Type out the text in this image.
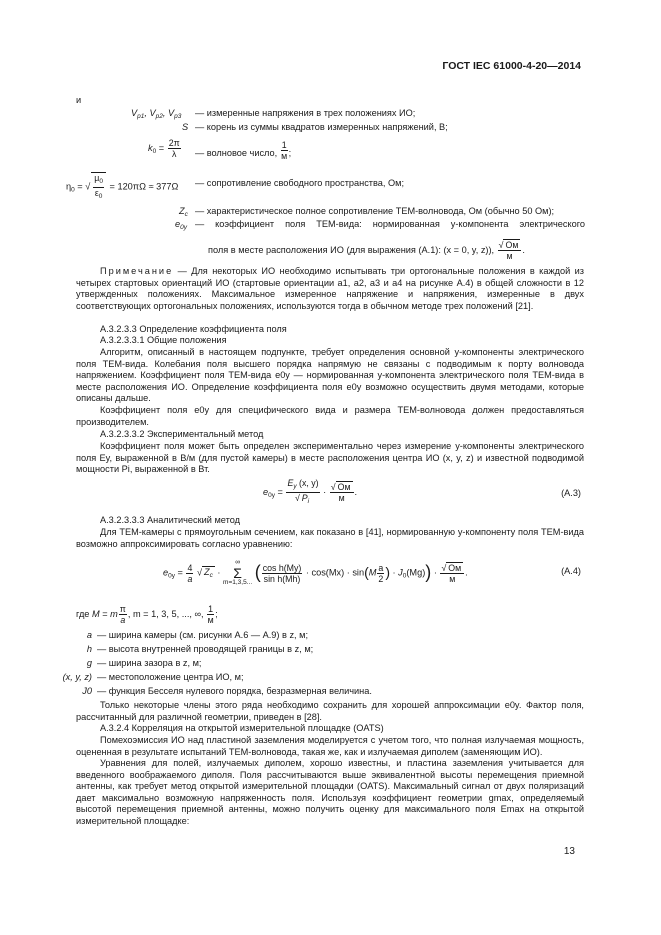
ГОСТ IEC 61000-4-20—2014
и
$V_{p1}$, $V_{p2}$, $V_{p3}$ — измеренные напряжения в трех положениях ИО;
S — корень из суммы квадратов измеренных напряжений, В;
$k_0 = \frac{2\pi}{\lambda}$ — волновое число, $\frac{1}{м}$ ;
$\eta_0$ = √ $\frac{\mu_0}{\varepsilon_0} = 120\pi\Omega \approx 377\Omega$ — сопротивление свободного пространства, Ом;
$Z_c$ — характеристическое полное сопротивление ТЕМ-волновода, Ом (обычно 50 Ом);
$e_{0y}$ — коэффициент поля ТЕМ-вида: нормированная y-компонента электрического
поля в месте расположения ИО (для выражения (А.1): (x = 0, y, z)), $\frac{√ Ом}{м}$ .
Примечание — Для некоторых ИО необходимо испытывать три ортогональные положения в каждой из четырех стартовых ориентаций ИО (стартовые ориентации а1, а2, а3 и а4 на рисунке А.4) в общей сложности в 12 утвержденных положениях. Максимальное измеренное напряжение и напряжения, измеренные в двух соответствующих ортогональных положениях, используются тогда в обычном методе трех положений [21].
А.3.2.3.3 Определение коэффициента поля
А.3.2.3.3.1 Общие положения
Алгоритм, описанный в настоящем подпункте, требует определения основной y-компоненты электрического поля ТЕМ-вида. Колебания поля высшего порядка напрямую не связаны с подводимым к порту волновода напряжением. Коэффициент поля ТЕМ-вида e0y — нормированная y-компонента электрического поля ТЕМ-вида в месте расположения ИО. Определение коэффициента поля e0y возможно осуществить двумя методами, которые описаны дальше.
Коэффициент поля e0y для специфического вида и размера ТЕМ-волновода должен предоставляться производителем.
А.3.2.3.3.2 Экспериментальный метод
Коэффициент поля может быть определен экспериментально через измерение y-компоненты электрического поля Ey, выраженной в В/м (для пустой камеры) в месте расположения центра ИО (x, y, z) и известной подводимой мощности Pi, выраженной в Вт.
$e_{0y} = \frac{E_y (x, y)}{√ P_i} \cdot \frac{√ Ом}{м}$ .	(А.3)
А.3.2.3.3.3 Аналитический метод
Для ТЕМ-камеры с прямоугольным сечением, как показано в [41], нормированную y-компоненту поля ТЕМ-вида возможно аппроксимировать согласно уравнению:
$e_{0y} = \frac{4}{a}$ √ $Z_c$ ·
∞
Σ
m=1,3,5...
( $\frac{\text{cos h(My)}}{\text{sin h(Mh)}} \cdot \cos(Mx) \cdot \sin(M \frac{a}{2}$ ) · $J_0(Mg)) \cdot \frac{√ Ом}{м}$ .	(А.4)
где M = m $\frac{\pi}{a}$ , m = 1, 3, 5, ..., ∞, $\frac{1}{м}$ ;
a — ширина камеры (см. рисунки А.6 — А.9) в z, м;
h — высота внутренней проводящей границы в z, м;
g — ширина зазора в z, м;
(x, y, z) — местоположение центра ИО, м;
J0 — функция Бесселя нулевого порядка, безразмерная величина.
Только некоторые члены этого ряда необходимо сохранить для хорошей аппроксимации e0y. Фактор поля, рассчитанный для различной геометрии, приведен в [28].
А.3.2.4 Корреляция на открытой измерительной площадке (OATS)
Помехоэмиссия ИО над пластиной заземления моделируется с учетом того, что полная излучаемая мощность, оцененная в результате испытаний ТЕМ-волновода, такая же, как и излучаемая диполем (заменяющим ИО).
Уравнения для полей, излучаемых диполем, хорошо известны, и пластина заземления учитывается для введенного воображаемого диполя. Поля рассчитываются выше эквивалентной высоты перемещения приемной антенны, как требует метод открытой измерительной площадки (OATS). Максимальный сигнал от двух поляризаций дает максимально возможную напряженность поля. Используя коэффициент геометрии gmax, определяемый высотой перемещения приемной антенны, можно получить оценку для максимального поля Emax на открытой измерительной площадке:
13
